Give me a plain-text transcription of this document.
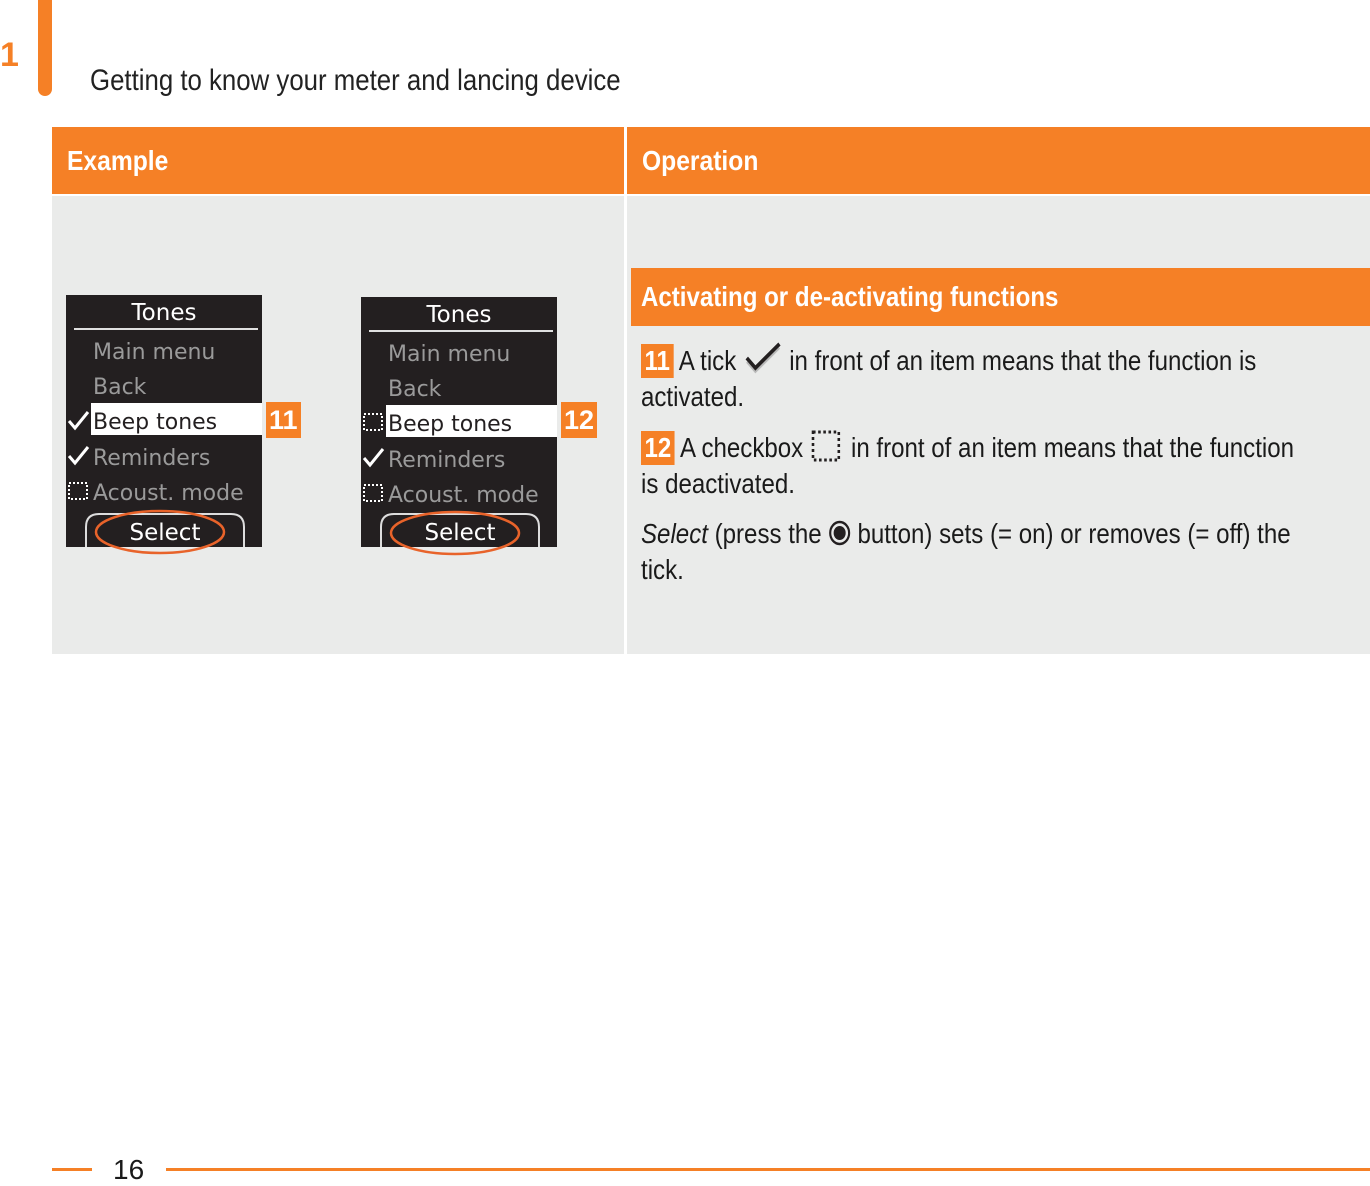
1
Getting to know your meter and lancing device
Example	Operation
Tones
Main menu
Back
Beep tones
Reminders
Acoust. mode
Select
11
Tones
Main menu
Back
Beep tones
Reminders
Acoust. mode
Select
12
Activating or de-activating functions
11 A tick in front of an item means that the function is activated.
12 A checkbox in front of an item means that the function is deactivated.
Select (press the button) sets (= on) or removes (= off) the tick.
16
